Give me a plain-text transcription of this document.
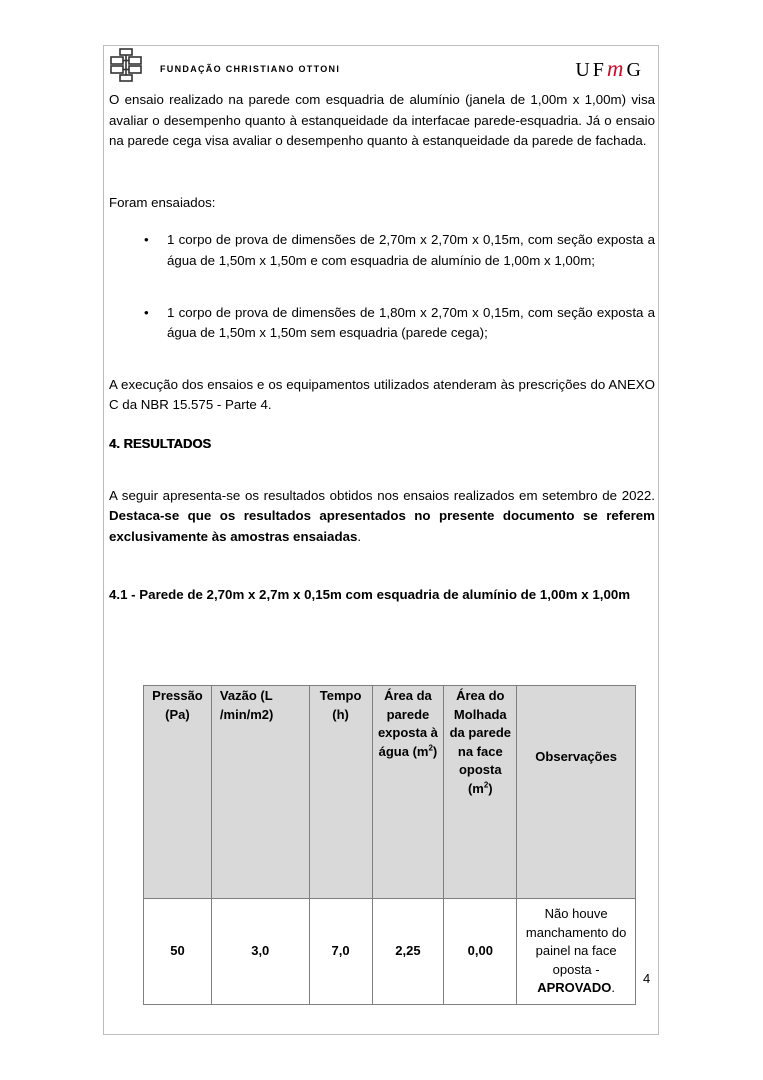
FUNDAÇÃO CHRISTIANO OTTONI	UFmG

O ensaio realizado na parede com esquadria de alumínio (janela de 1,00m x 1,00m) visa avaliar o desempenho quanto à estanqueidade da interfacae parede-esquadria. Já o ensaio na parede cega visa avaliar o desempenho quanto à estanqueidade da parede de fachada.

Foram ensaiados:

• 1 corpo de prova de dimensões de 2,70m x 2,70m x 0,15m, com seção exposta a água de 1,50m x 1,50m e com esquadria de alumínio de 1,00m x 1,00m;
• 1 corpo de prova de dimensões de 1,80m x 2,70m x 0,15m, com seção exposta a água de 1,50m x 1,50m sem esquadria (parede cega);

A execução dos ensaios e os equipamentos utilizados atenderam às prescrições do ANEXO C da NBR 15.575 - Parte 4.

4. RESULTADOS

A seguir apresenta-se os resultados obtidos nos ensaios realizados em setembro de 2022. Destaca-se que os resultados apresentados no presente documento se referem exclusivamente às amostras ensaiadas.

4.1 - Parede de 2,70m x 2,7m x 0,15m com esquadria de alumínio de 1,00m x 1,00m
Pressão (Pa)	Vazão (L /min/m2)	Tempo (h)	Área da parede exposta à água $(m^2)$	Área do Molhada da parede na face oposta $(m^2)$	Observações
50	3,0	7,0	2,25	0,00	Não houve manchamento do painel na face oposta - APROVADO.
4
